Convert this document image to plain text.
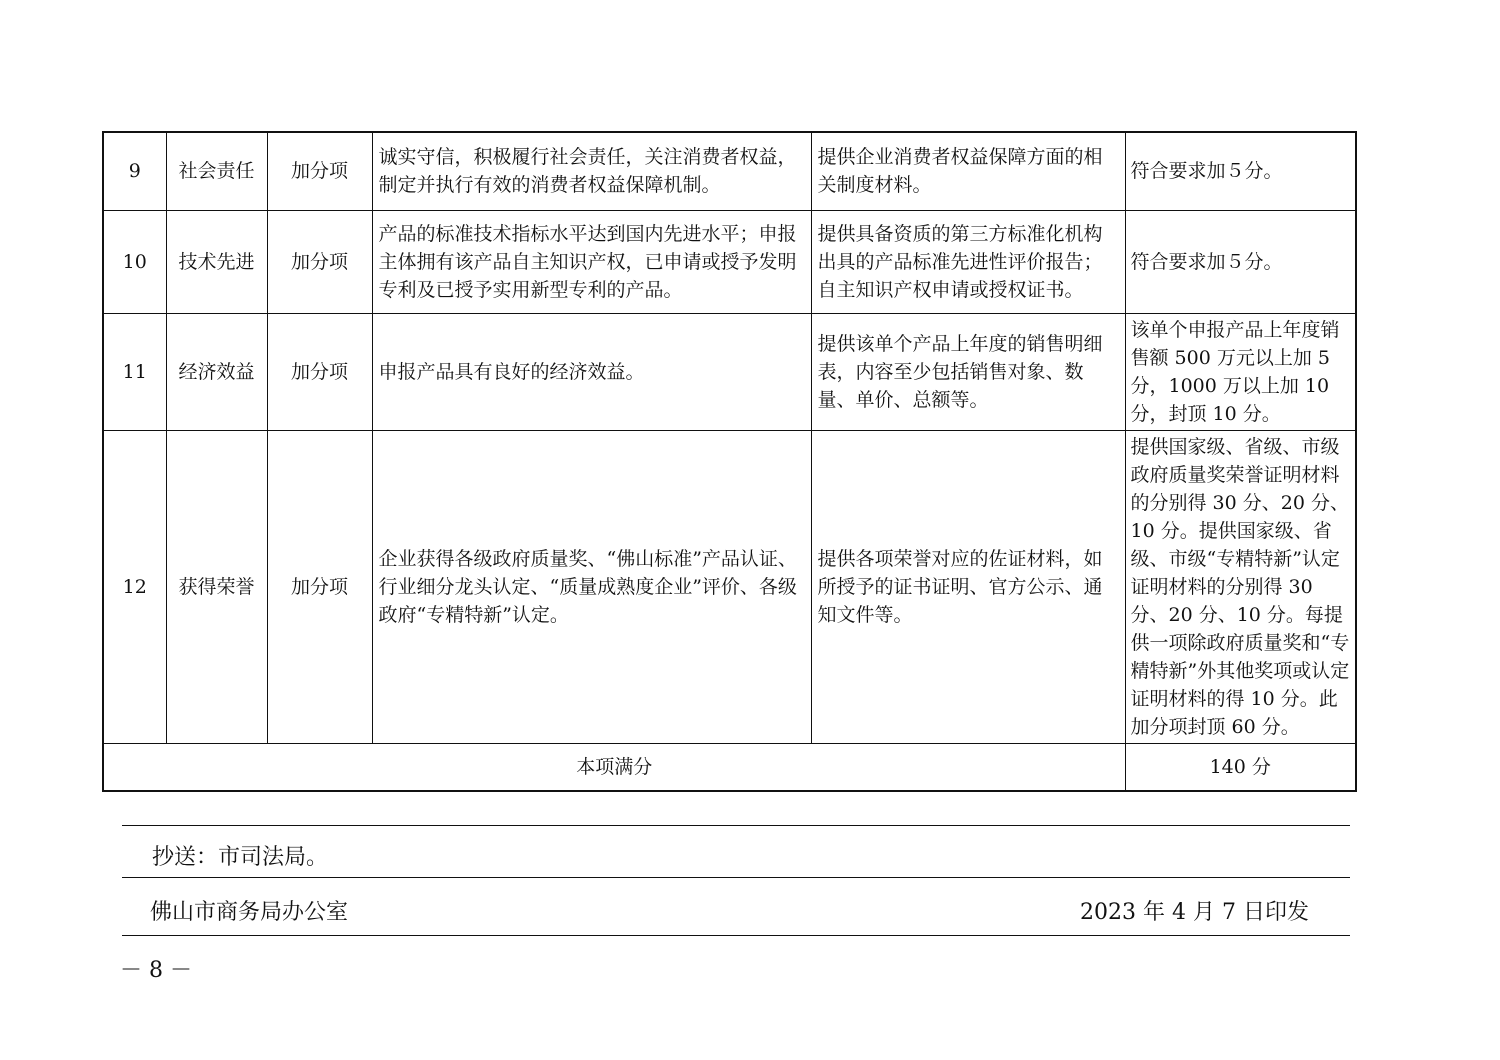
9	社会责任	加分项	诚实守信，积极履行社会责任，关注消费者权益，制定并执行有效的消费者权益保障机制。	提供企业消费者权益保障方面的相关制度材料。	符合要求加５分。
10	技术先进	加分项	产品的标准技术指标水平达到国内先进水平；申报主体拥有该产品自主知识产权，已申请或授予发明专利及已授予实用新型专利的产品。	提供具备资质的第三方标准化机构出具的产品标准先进性评价报告；自主知识产权申请或授权证书。	符合要求加５分。
11	经济效益	加分项	申报产品具有良好的经济效益。	提供该单个产品上年度的销售明细表，内容至少包括销售对象、数量、单价、总额等。	该单个申报产品上年度销售额 500 万元以上加 5 分，1000 万以上加 10 分，封顶 10 分。
12	获得荣誉	加分项	企业获得各级政府质量奖、“佛山标准”产品认证、行业细分龙头认定、“质量成熟度企业”评价、各级政府“专精特新”认定。	提供各项荣誉对应的佐证材料，如所授予的证书证明、官方公示、通知文件等。	提供国家级、省级、市级政府质量奖荣誉证明材料的分别得 30 分、20 分、10 分。提供国家级、省级、市级“专精特新”认定证明材料的分别得 30 分、20 分、10 分。每提供一项除政府质量奖和“专精特新”外其他奖项或认定证明材料的得 10 分。此加分项封顶 60 分。
本项满分					140 分
抄送：市司法局。
佛山市商务局办公室	2023 年 4 月 7 日印发
－ 8 －
